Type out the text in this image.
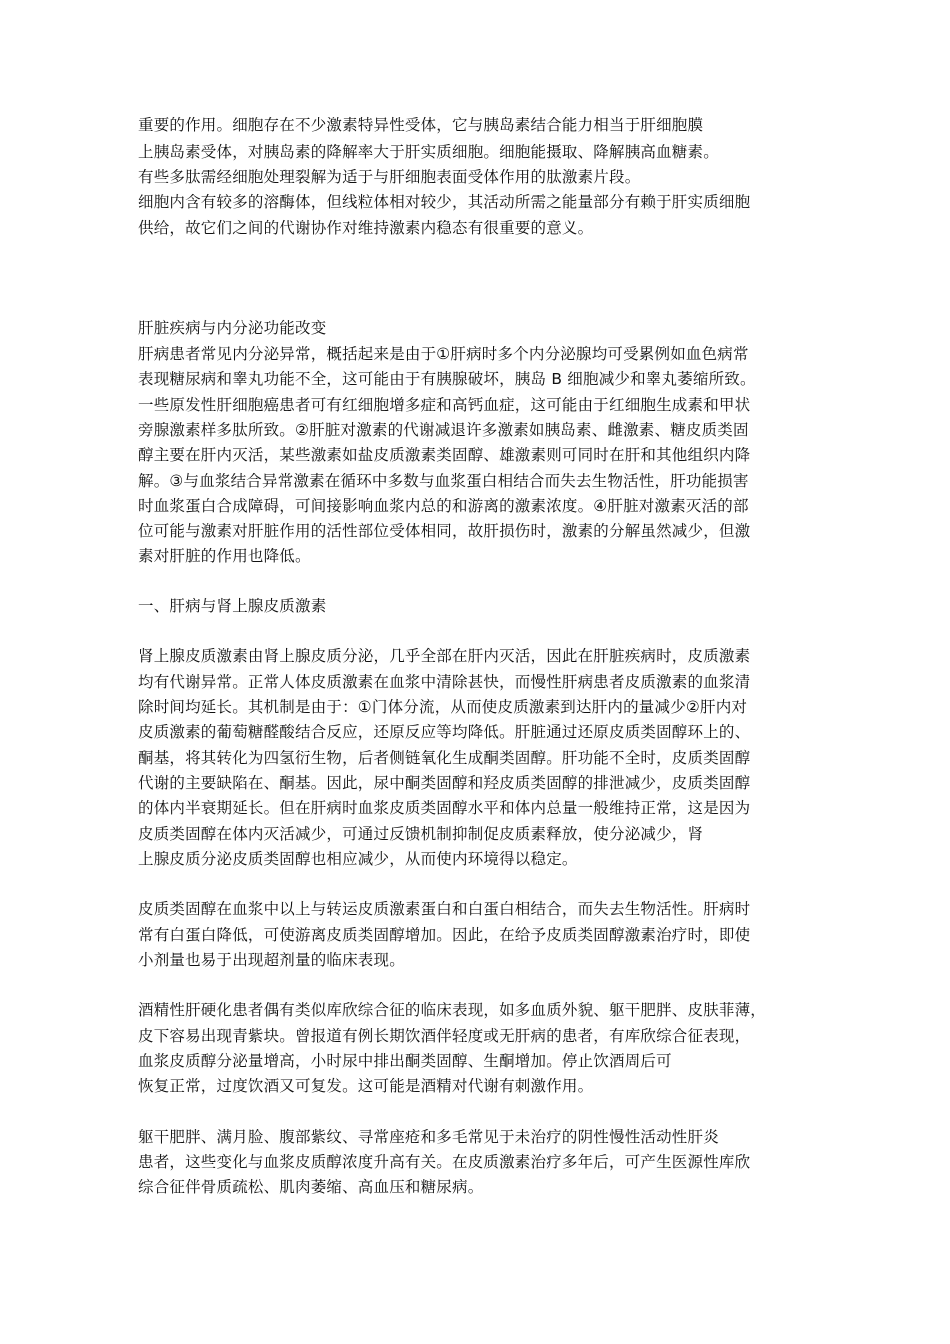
重要的作用。细胞存在不少激素特异性受体，它与胰岛素结合能力相当于肝细胞膜
上胰岛素受体，对胰岛素的降解率大于肝实质细胞。细胞能摄取、降解胰高血糖素。
有些多肽需经细胞处理裂解为适于与肝细胞表面受体作用的肽激素片段。
细胞内含有较多的溶酶体，但线粒体相对较少，其活动所需之能量部分有赖于肝实质细胞
供给，故它们之间的代谢协作对维持激素内稳态有很重要的意义。
肝脏疾病与内分泌功能改变
肝病患者常见内分泌异常，概括起来是由于①肝病时多个内分泌腺均可受累例如血色病常
表现糖尿病和睾丸功能不全，这可能由于有胰腺破坏，胰岛 B 细胞减少和睾丸萎缩所致。
一些原发性肝细胞癌患者可有红细胞增多症和高钙血症，这可能由于红细胞生成素和甲状
旁腺激素样多肽所致。②肝脏对激素的代谢减退许多激素如胰岛素、雌激素、糖皮质类固
醇主要在肝内灭活，某些激素如盐皮质激素类固醇、雄激素则可同时在肝和其他组织内降
解。③与血浆结合异常激素在循环中多数与血浆蛋白相结合而失去生物活性，肝功能损害
时血浆蛋白合成障碍，可间接影响血浆内总的和游离的激素浓度。④肝脏对激素灭活的部
位可能与激素对肝脏作用的活性部位受体相同，故肝损伤时，激素的分解虽然减少，但激
素对肝脏的作用也降低。
一、肝病与肾上腺皮质激素
肾上腺皮质激素由肾上腺皮质分泌，几乎全部在肝内灭活，因此在肝脏疾病时，皮质激素
均有代谢异常。正常人体皮质激素在血浆中清除甚快，而慢性肝病患者皮质激素的血浆清
除时间均延长。其机制是由于：①门体分流，从而使皮质激素到达肝内的量减少②肝内对
皮质激素的葡萄糖醛酸结合反应，还原反应等均降低。肝脏通过还原皮质类固醇环上的、
酮基，将其转化为四氢衍生物，后者侧链氧化生成酮类固醇。肝功能不全时，皮质类固醇
代谢的主要缺陷在、酮基。因此，尿中酮类固醇和羟皮质类固醇的排泄减少，皮质类固醇
的体内半衰期延长。但在肝病时血浆皮质类固醇水平和体内总量一般维持正常，这是因为
皮质类固醇在体内灭活减少，可通过反馈机制抑制促皮质素释放，使分泌减少，肾
上腺皮质分泌皮质类固醇也相应减少，从而使内环境得以稳定。
皮质类固醇在血浆中以上与转运皮质激素蛋白和白蛋白相结合，而失去生物活性。肝病时
常有白蛋白降低，可使游离皮质类固醇增加。因此，在给予皮质类固醇激素治疗时，即使
小剂量也易于出现超剂量的临床表现。
酒精性肝硬化患者偶有类似库欣综合征的临床表现，如多血质外貌、躯干肥胖、皮肤菲薄，
皮下容易出现青紫块。曾报道有例长期饮酒伴轻度或无肝病的患者，有库欣综合征表现，
血浆皮质醇分泌量增高，小时尿中排出酮类固醇、生酮增加。停止饮酒周后可
恢复正常，过度饮酒又可复发。这可能是酒精对代谢有刺激作用。
躯干肥胖、满月脸、腹部紫纹、寻常座疮和多毛常见于未治疗的阴性慢性活动性肝炎
患者，这些变化与血浆皮质醇浓度升高有关。在皮质激素治疗多年后，可产生医源性库欣
综合征伴骨质疏松、肌肉萎缩、高血压和糖尿病。
